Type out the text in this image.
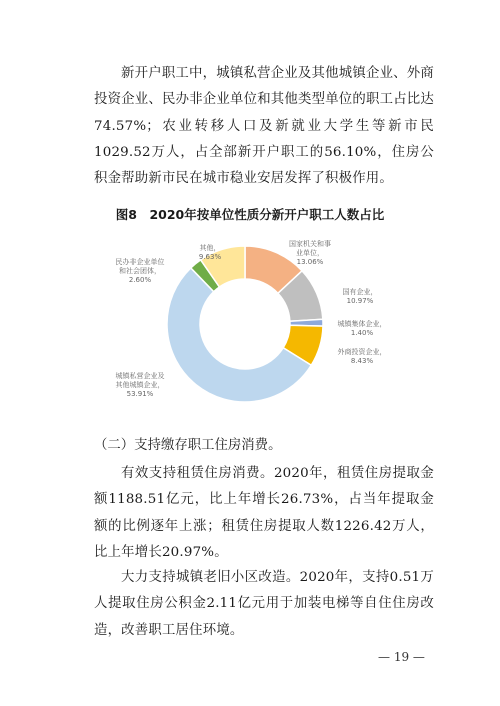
新开户职工中，城镇私营企业及其他城镇企业、外商投资企业、民办非企业单位和其他类型单位的职工占比达74.57%；农业转移人口及新就业大学生等新市民1029.52万人，占全部新开户职工的56.10%，住房公积金帮助新市民在城市稳业安居发挥了积极作用。

图8　2020年按单位性质分新开户职工人数占比
国家机关和事业单位， 13.06%
国有企业， 10.97%
城镇集体企业， 1.40%
外商投资企业， 8.43%
城镇私营企业及其他城镇企业， 53.91%
民办非企业单位和社会团体， 2.60%
其他， 9.63%
（二）支持缴存职工住房消费。

有效支持租赁住房消费。2020年，租赁住房提取金额1188.51亿元，比上年增长26.73%，占当年提取金额的比例逐年上涨；租赁住房提取人数1226.42万人，比上年增长20.97%。

大力支持城镇老旧小区改造。2020年，支持0.51万人提取住房公积金2.11亿元用于加装电梯等自住住房改造，改善职工居住环境。

— 19 —
